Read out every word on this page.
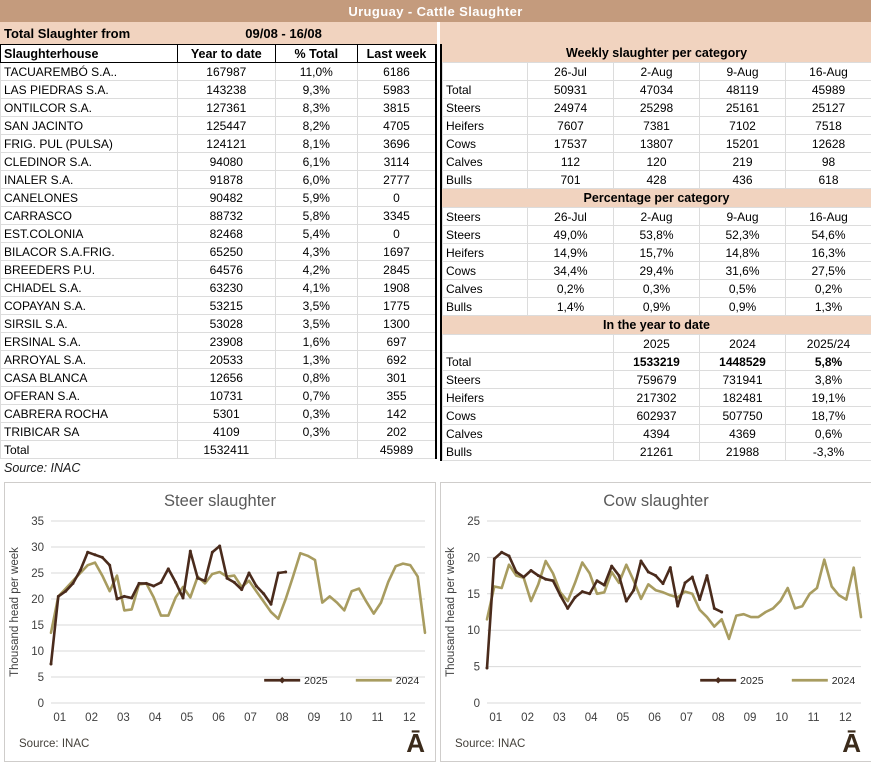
Uruguay - Cattle Slaughter
Total Slaughter from	09/08 - 16/08
Slaughterhouse	Year to date	% Total	Last week
TACUAREMBÓ S.A..	167987	11,0%	6186
LAS PIEDRAS S.A.	143238	9,3%	5983
ONTILCOR S.A.	127361	8,3%	3815
SAN JACINTO	125447	8,2%	4705
FRIG. PUL (PULSA)	124121	8,1%	3696
CLEDINOR S.A.	94080	6,1%	3114
INALER S.A.	91878	6,0%	2777
CANELONES	90482	5,9%	0
CARRASCO	88732	5,8%	3345
EST.COLONIA	82468	5,4%	0
BILACOR S.A.FRIG.	65250	4,3%	1697
BREEDERS P.U.	64576	4,2%	2845
CHIADEL S.A.	63230	4,1%	1908
COPAYAN S.A.	53215	3,5%	1775
SIRSIL S.A.	53028	3,5%	1300
ERSINAL S.A.	23908	1,6%	697
ARROYAL S.A.	20533	1,3%	692
CASA BLANCA	12656	0,8%	301
OFERAN S.A.	10731	0,7%	355
CABRERA ROCHA	5301	0,3%	142
TRIBICAR SA	4109	0,3%	202
Total	1532411		45989
Source: INAC
Weekly slaughter per category
	26-Jul	2-Aug	9-Aug	16-Aug
Total	50931	47034	48119	45989
Steers	24974	25298	25161	25127
Heifers	7607	7381	7102	7518
Cows	17537	13807	15201	12628
Calves	112	120	219	98
Bulls	701	428	436	618
Percentage per category
Steers	26-Jul	2-Aug	9-Aug	16-Aug
Steers	49,0%	53,8%	52,3%	54,6%
Heifers	14,9%	15,7%	14,8%	16,3%
Cows	34,4%	29,4%	31,6%	27,5%
Calves	0,2%	0,3%	0,5%	0,2%
Bulls	1,4%	0,9%	0,9%	1,3%
In the year to date
	2025	2024	2025/24
Total	1533219	1448529	5,8%
Steers	759679	731941	3,8%
Heifers	217302	182481	19,1%
Cows	602937	507750	18,7%
Calves	4394	4369	0,6%
Bulls	21261	21988	-3,3%
Steer slaughter
0
5
10
15
20
25
30
35
Thousand head per week
01 02 03 04 05 06 07 08 09 10 11 12
2025	2024
Source: INAC	Ā
Cow slaughter
0
5
10
15
20
25
Thousand head per week
01 02 03 04 05 06 07 08 09 10 11 12
2025	2024
Source: INAC	Ā
